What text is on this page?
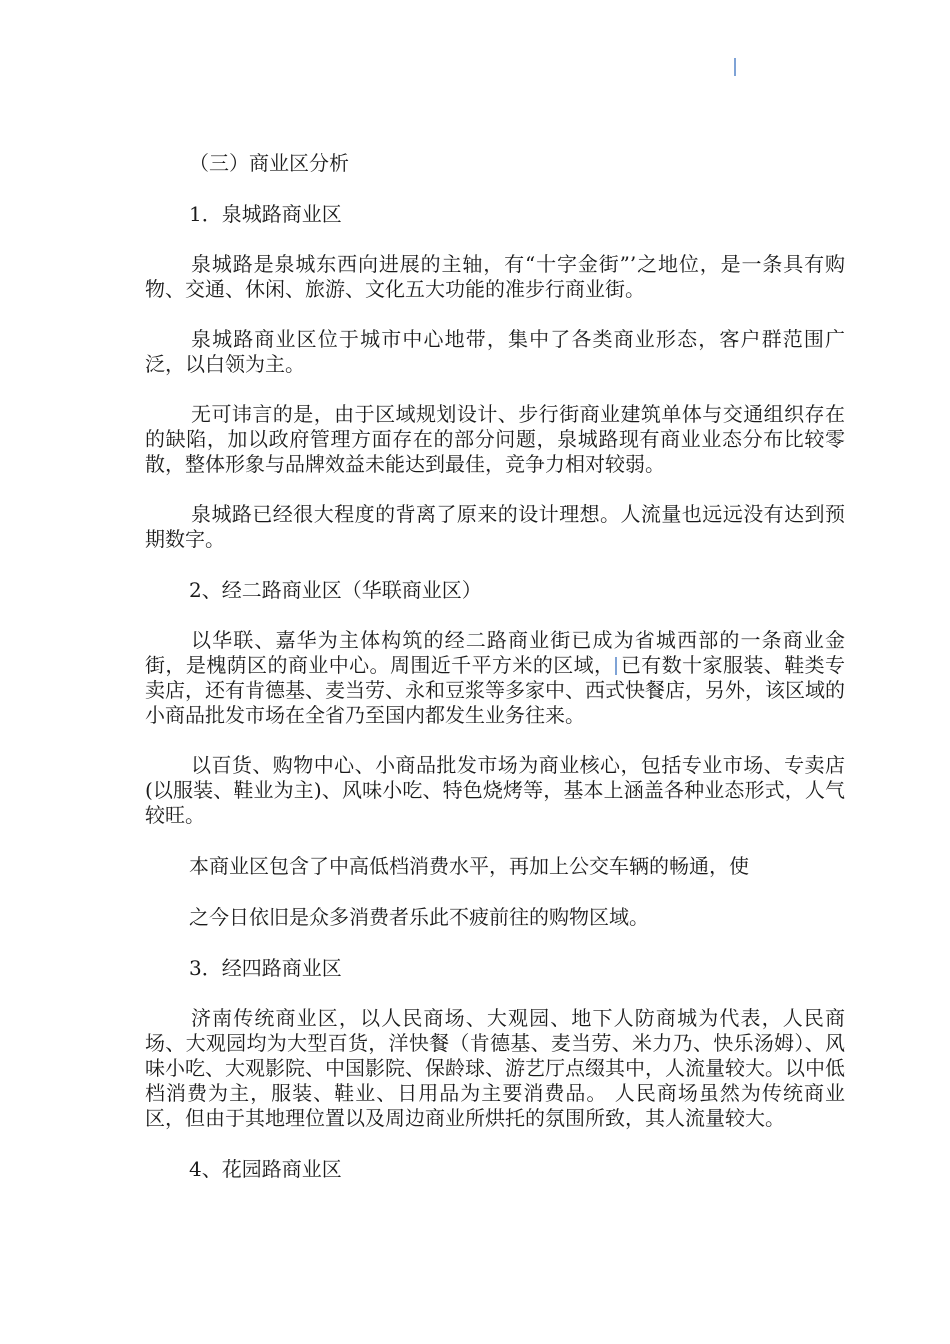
（三）商业区分析
1．泉城路商业区

泉城路是泉城东西向进展的主轴，有“十字金街”’之地位，是一条具有购物、交通、休闲、旅游、文化五大功能的准步行商业街。

泉城路商业区位于城市中心地带，集中了各类商业形态，客户群范围广泛，以白领为主。

无可讳言的是，由于区域规划设计、步行街商业建筑单体与交通组织存在的缺陷，加以政府管理方面存在的部分问题，泉城路现有商业业态分布比较零散，整体形象与品牌效益未能达到最佳，竞争力相对较弱。

泉城路已经很大程度的背离了原来的设计理想。人流量也远远没有达到预期数字。

2、经二路商业区（华联商业区）

以华联、嘉华为主体构筑的经二路商业街已成为省城西部的一条商业金街，是槐荫区的商业中心。周围近千平方米的区域， 已有数十家服装、鞋类专卖店，还有肯德基、麦当劳、永和豆浆等多家中、西式快餐店，另外，该区域的小商品批发市场在全省乃至国内都发生业务往来。

以百货、购物中心、小商品批发市场为商业核心，包括专业市场、专卖店(以服装、鞋业为主)、风味小吃、特色烧烤等，基本上涵盖各种业态形式，人气较旺。

本商业区包含了中高低档消费水平，再加上公交车辆的畅通，使
之今日依旧是众多消费者乐此不疲前往的购物区域。
3．经四路商业区

济南传统商业区，以人民商场、大观园、地下人防商城为代表，人民商场、大观园均为大型百货，洋快餐（肯德基、麦当劳、米力乃、快乐汤姆）、风味小吃、大观影院、中国影院、保龄球、游艺厅点缀其中，人流量较大。以中低档消费为主，服装、鞋业、日用品为主要消费品。 人民商场虽然为传统商业区，但由于其地理位置以及周边商业所烘托的氛围所致，其人流量较大。

4、花园路商业区
